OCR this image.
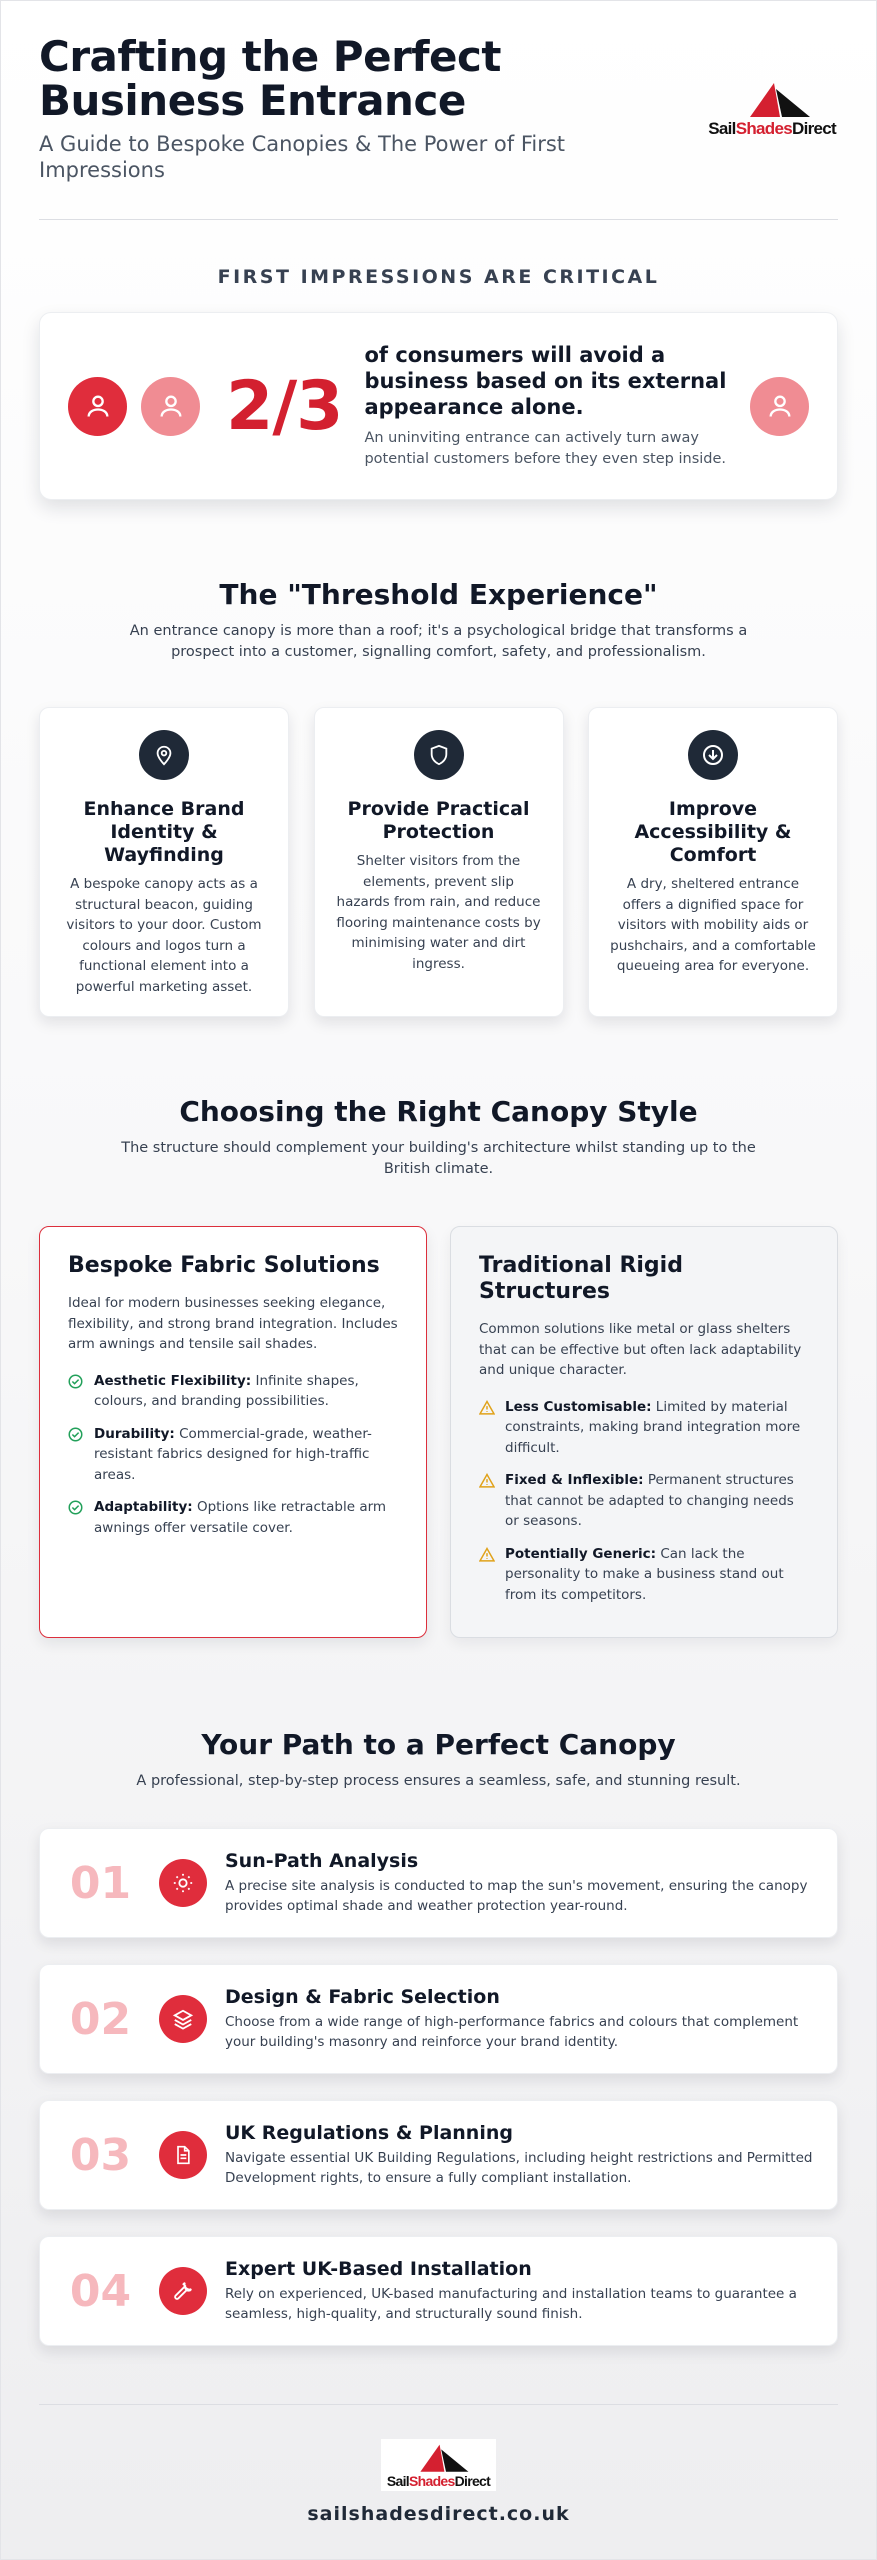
Crafting the Perfect
Business Entrance
A Guide to Bespoke Canopies & The Power of First Impressions
SailShadesDirect
FIRST IMPRESSIONS ARE CRITICAL
2/3
of consumers will avoid a business based on its external appearance alone.
An uninviting entrance can actively turn away potential customers before they even step inside.
The "Threshold Experience"
An entrance canopy is more than a roof; it's a psychological bridge that transforms a prospect into a customer, signalling comfort, safety, and professionalism.
Enhance Brand Identity & Wayfinding

A bespoke canopy acts as a structural beacon, guiding visitors to your door. Custom colours and logos turn a functional element into a powerful marketing asset.

Provide Practical Protection

Shelter visitors from the elements, prevent slip hazards from rain, and reduce flooring maintenance costs by minimising water and dirt ingress.

Improve Accessibility & Comfort

A dry, sheltered entrance offers a dignified space for visitors with mobility aids or pushchairs, and a comfortable queueing area for everyone.

Choosing the Right Canopy Style
The structure should complement your building's architecture whilst standing up to the British climate.
Bespoke Fabric Solutions
Ideal for modern businesses seeking elegance, flexibility, and strong brand integration. Includes arm awnings and tensile sail shades.
Aesthetic Flexibility: Infinite shapes, colours, and branding possibilities.
Durability: Commercial-grade, weather-resistant fabrics designed for high-traffic areas.
Adaptability: Options like retractable arm awnings offer versatile cover.
Traditional Rigid Structures
Common solutions like metal or glass shelters that can be effective but often lack adaptability and unique character.
Less Customisable: Limited by material constraints, making brand integration more difficult.
Fixed & Inflexible: Permanent structures that cannot be adapted to changing needs or seasons.
Potentially Generic: Can lack the personality to make a business stand out from its competitors.
Your Path to a Perfect Canopy
A professional, step-by-step process ensures a seamless, safe, and stunning result.
01	Sun-Path Analysis

A precise site analysis is conducted to map the sun's movement, ensuring the canopy provides optimal shade and weather protection year-round.

02	Design & Fabric Selection

Choose from a wide range of high-performance fabrics and colours that complement your building's masonry and reinforce your brand identity.

03	UK Regulations & Planning

Navigate essential UK Building Regulations, including height restrictions and Permitted Development rights, to ensure a fully compliant installation.

04	Expert UK-Based Installation

Rely on experienced, UK-based manufacturing and installation teams to guarantee a seamless, high-quality, and structurally sound finish.

SailShadesDirect
sailshadesdirect.co.uk
